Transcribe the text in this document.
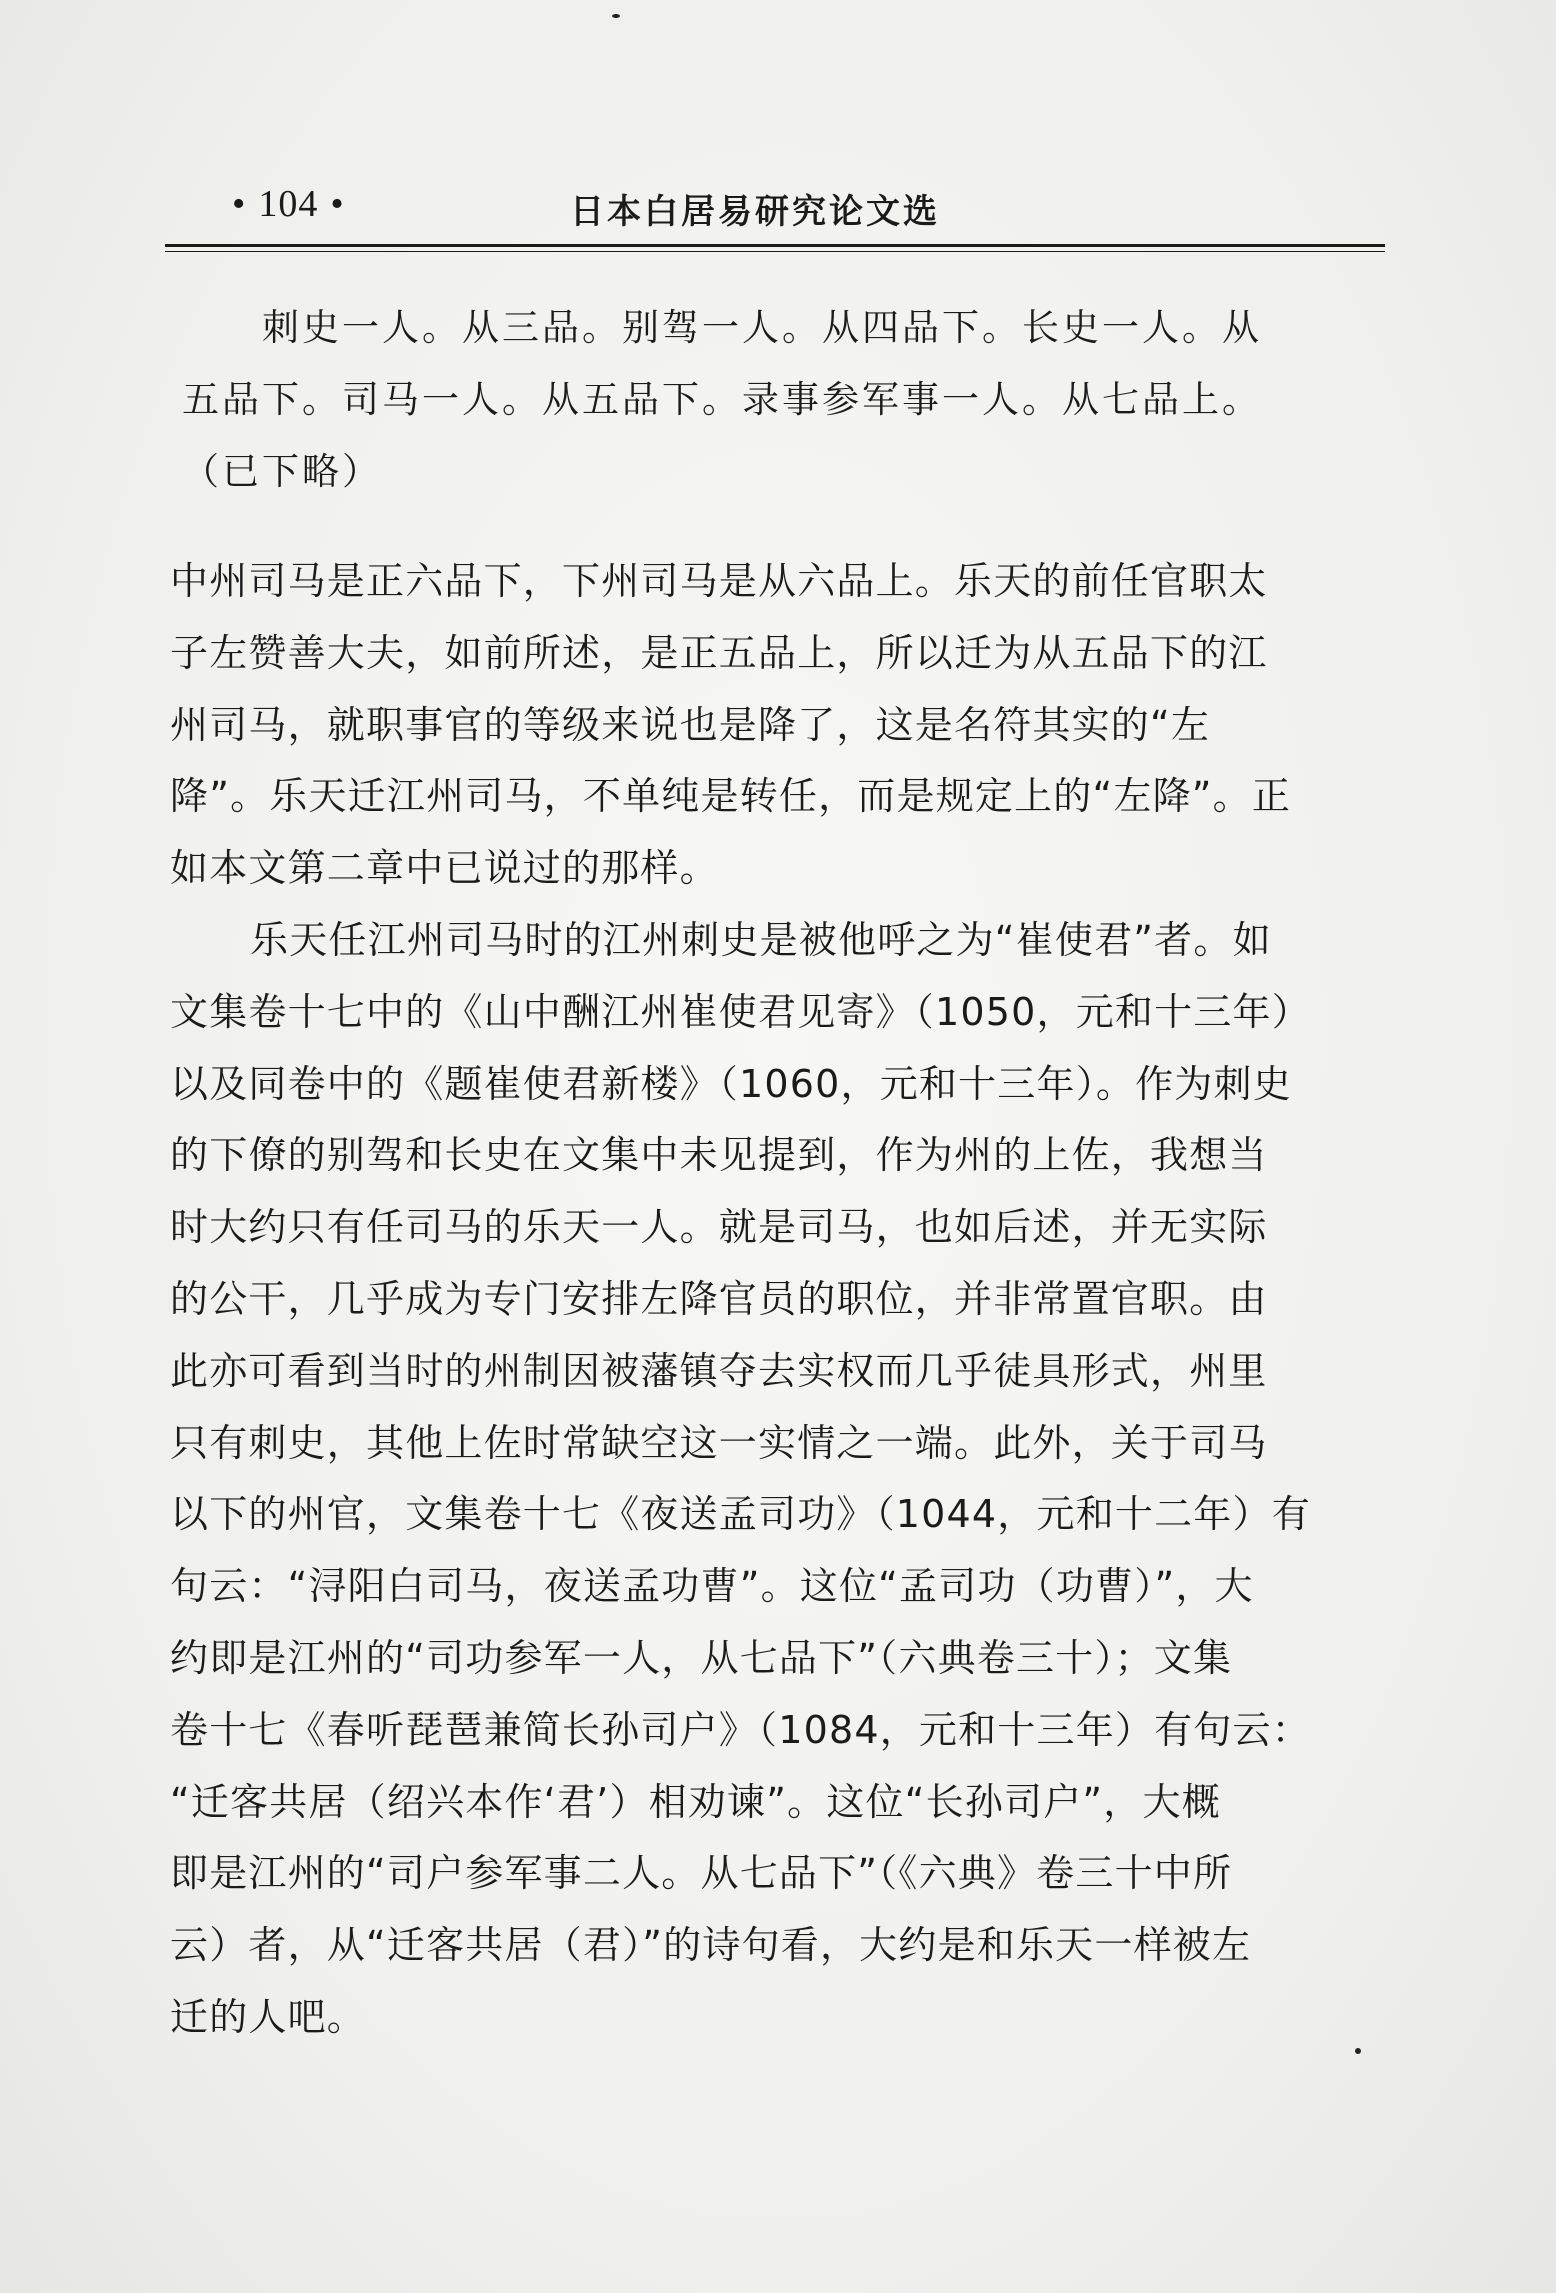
• 104 •	日本白居易研究论文选
刺史一人。从三品。别驾一人。从四品下。长史一人。从
五品下。司马一人。从五品下。录事参军事一人。从七品上。
（已下略）
中州司马是正六品下，下州司马是从六品上。乐天的前任官职太
子左赞善大夫，如前所述，是正五品上，所以迁为从五品下的江
州司马，就职事官的等级来说也是降了，这是名符其实的“左
降”。乐天迁江州司马，不单纯是转任，而是规定上的“左降”。正
如本文第二章中已说过的那样。
乐天任江州司马时的江州刺史是被他呼之为“崔使君”者。如
文集卷十七中的《山中酬江州崔使君见寄》（1050，元和十三年）
以及同卷中的《题崔使君新楼》（1060，元和十三年）。作为刺史
的下僚的别驾和长史在文集中未见提到，作为州的上佐，我想当
时大约只有任司马的乐天一人。就是司马，也如后述，并无实际
的公干，几乎成为专门安排左降官员的职位，并非常置官职。由
此亦可看到当时的州制因被藩镇夺去实权而几乎徒具形式，州里
只有刺史，其他上佐时常缺空这一实情之一端。此外，关于司马
以下的州官，文集卷十七《夜送孟司功》（1044，元和十二年）有
句云：“浔阳白司马，夜送孟功曹”。这位“孟司功（功曹）”，大
约即是江州的“司功参军一人，从七品下”（六典卷三十）；文集
卷十七《春听琵琶兼简长孙司户》（1084，元和十三年）有句云：
“迁客共居（绍兴本作‘君’）相劝谏”。这位“长孙司户”，大概
即是江州的“司户参军事二人。从七品下”（《六典》卷三十中所
云）者，从“迁客共居（君）”的诗句看，大约是和乐天一样被左
迁的人吧。
